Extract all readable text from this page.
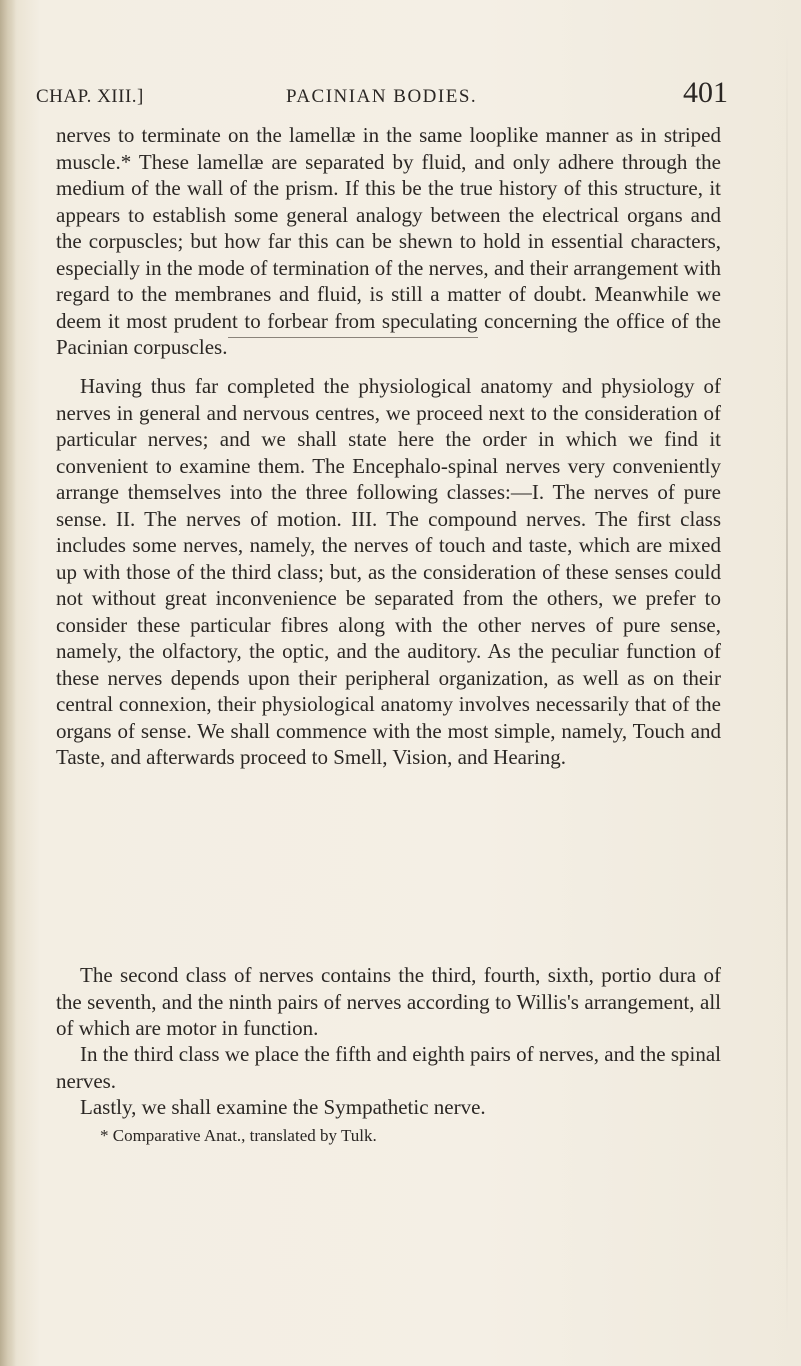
CHAP. XIII.]	PACINIAN BODIES.	401

nerves to terminate on the lamellæ in the same looplike manner as in striped muscle.* These lamellæ are separated by fluid, and only adhere through the medium of the wall of the prism. If this be the true history of this structure, it appears to establish some general analogy between the electrical organs and the corpuscles; but how far this can be shewn to hold in essential characters, especially in the mode of termination of the nerves, and their arrangement with regard to the membranes and fluid, is still a matter of doubt. Meanwhile we deem it most prudent to forbear from speculating concerning the office of the Pacinian corpuscles.

Having thus far completed the physiological anatomy and physiology of nerves in general and nervous centres, we proceed next to the consideration of particular nerves; and we shall state here the order in which we find it convenient to examine them. The Encephalo-spinal nerves very conveniently arrange themselves into the three following classes:—I. The nerves of pure sense. II. The nerves of motion. III. The compound nerves. The first class includes some nerves, namely, the nerves of touch and taste, which are mixed up with those of the third class; but, as the consideration of these senses could not without great inconvenience be separated from the others, we prefer to consider these particular fibres along with the other nerves of pure sense, namely, the olfactory, the optic, and the auditory. As the peculiar function of these nerves depends upon their peripheral organization, as well as on their central connexion, their physiological anatomy involves necessarily that of the organs of sense. We shall commence with the most simple, namely, Touch and Taste, and afterwards proceed to Smell, Vision, and Hearing.

The second class of nerves contains the third, fourth, sixth, portio dura of the seventh, and the ninth pairs of nerves according to Willis's arrangement, all of which are motor in function.

In the third class we place the fifth and eighth pairs of nerves, and the spinal nerves.

Lastly, we shall examine the Sympathetic nerve.

* Comparative Anat., translated by Tulk.
